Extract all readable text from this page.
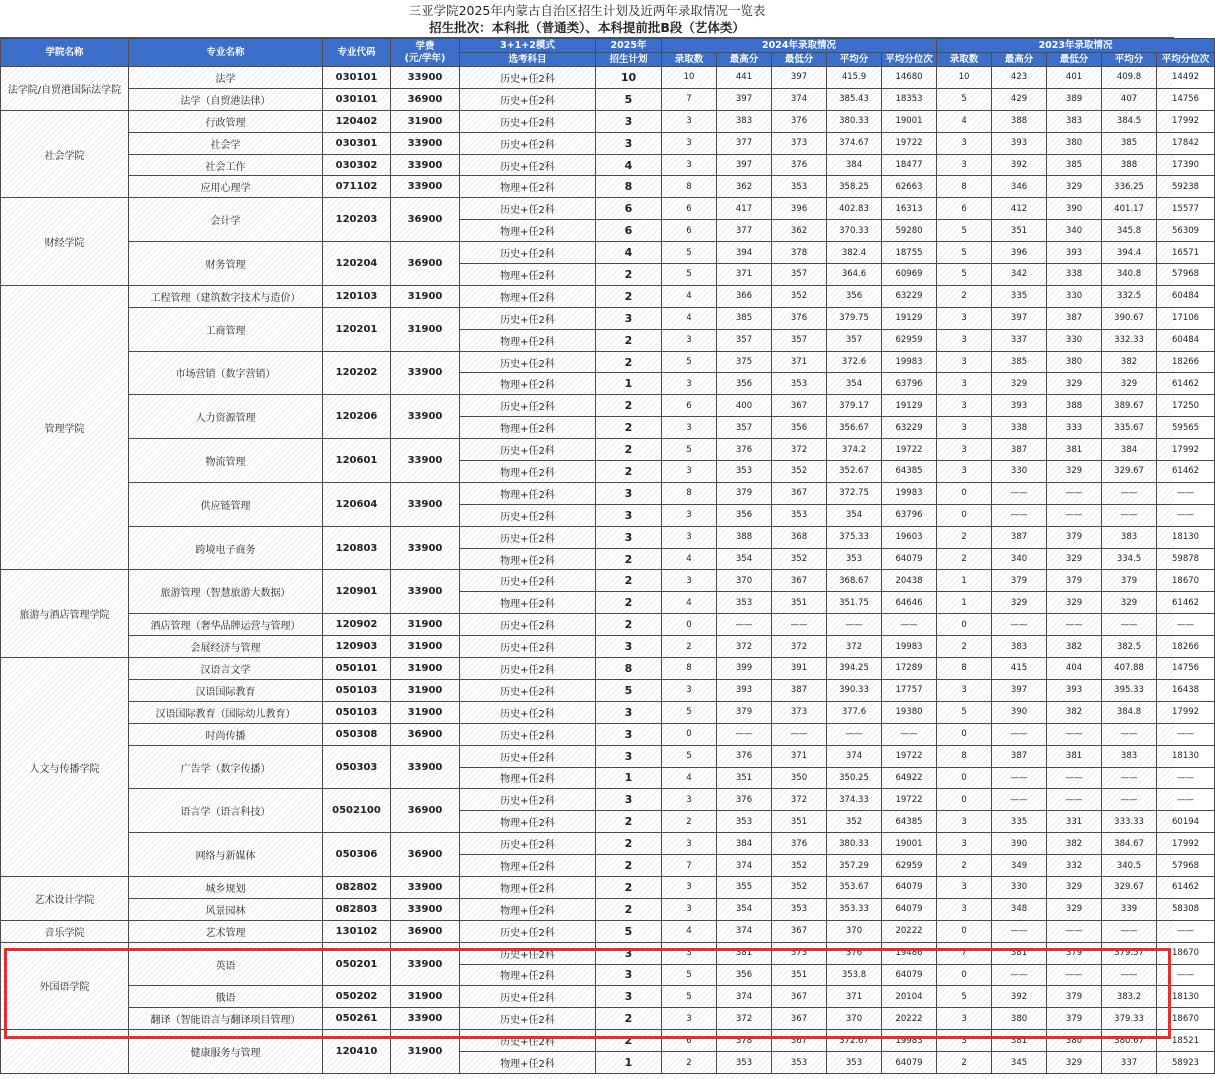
三亚学院2025年内蒙古自治区招生计划及近两年录取情况一览表
招生批次：本科批（普通类）、本科提前批B段（艺体类）
学院名称	专业名称	专业代码	学费
(元/学年)	3+1+2模式	2025年	2024年录取情况					2023年录取情况				
				选考科目	招生计划	录取数	最高分	最低分	平均分	平均分位次	录取数	最高分	最低分	平均分	平均分位次
法学院/自贸港国际法学院	法学	030101	33900	历史+任2科	10	10	441	397	415.9	14680	10	423	401	409.8	14492
	法学（自贸港法律）	030101	36900	历史+任2科	5	7	397	374	385.43	18353	5	429	389	407	14756
社会学院	行政管理	120402	31900	历史+任2科	3	3	383	376	380.33	19001	4	388	383	384.5	17992
	社会学	030301	33900	历史+任2科	3	3	377	373	374.67	19722	3	393	380	385	17842
	社会工作	030302	33900	历史+任2科	4	3	397	376	384	18477	3	392	385	388	17390
	应用心理学	071102	33900	物理+任2科	8	8	362	353	358.25	62663	8	346	329	336.25	59238
财经学院	会计学	120203	36900	历史+任2科	6	6	417	396	402.83	16313	6	412	390	401.17	15577
				物理+任2科	6	6	377	362	370.33	59280	5	351	340	345.8	56309
	财务管理	120204	36900	历史+任2科	4	5	394	378	382.4	18755	5	396	393	394.4	16571
				物理+任2科	2	5	371	357	364.6	60969	5	342	338	340.8	57968
管理学院	工程管理（建筑数字技术与造价）	120103	31900	物理+任2科	2	4	366	352	356	63229	2	335	330	332.5	60484
	工商管理	120201	31900	历史+任2科	3	4	385	376	379.75	19129	3	397	387	390.67	17106
				物理+任2科	2	3	357	357	357	62959	3	337	330	332.33	60484
	市场营销（数字营销）	120202	33900	历史+任2科	2	5	375	371	372.6	19983	3	385	380	382	18266
				物理+任2科	1	3	356	353	354	63796	3	329	329	329	61462
	人力资源管理	120206	33900	历史+任2科	2	6	400	367	379.17	19129	3	393	388	389.67	17250
				物理+任2科	2	3	357	356	356.67	63229	3	338	333	335.67	59565
	物流管理	120601	33900	历史+任2科	2	5	376	372	374.2	19722	3	387	381	384	17992
				物理+任2科	2	3	353	352	352.67	64385	3	330	329	329.67	61462
	供应链管理	120604	33900	物理+任2科	3	8	379	367	372.75	19983	0	——	——	——	——
				历史+任2科	3	3	356	353	354	63796	0	——	——	——	——
	跨境电子商务	120803	33900	历史+任2科	3	3	388	368	375.33	19603	2	387	379	383	18130
				物理+任2科	2	4	354	352	353	64079	2	340	329	334.5	59878
旅游与酒店管理学院	旅游管理（智慧旅游大数据）	120901	33900	历史+任2科	2	3	370	367	368.67	20438	1	379	379	379	18670
				物理+任2科	2	4	353	351	351.75	64646	1	329	329	329	61462
	酒店管理（奢华品牌运营与管理）	120902	31900	历史+任2科	2	0	——	——	——	——	0	——	——	——	——
	会展经济与管理	120903	31900	历史+任2科	3	2	372	372	372	19983	2	383	382	382.5	18266
人文与传播学院	汉语言文学	050101	31900	历史+任2科	8	8	399	391	394.25	17289	8	415	404	407.88	14756
	汉语国际教育	050103	31900	历史+任2科	5	3	393	387	390.33	17757	3	397	393	395.33	16438
	汉语国际教育（国际幼儿教育）	050103	31900	历史+任2科	3	5	379	373	377.6	19380	5	390	382	384.8	17992
	时尚传播	050308	36900	历史+任2科	3	0	——	——	——	——	0	——	——	——	——
	广告学（数字传播）	050303	33900	历史+任2科	3	5	376	371	374	19722	8	387	381	383	18130
				物理+任2科	1	4	351	350	350.25	64922	0	——	——	——	——
	语言学（语言科技）	0502100	36900	历史+任2科	3	3	376	372	374.33	19722	0	——	——	——	——
				物理+任2科	2	2	353	351	352	64385	3	335	331	333.33	60194
	网络与新媒体	050306	36900	历史+任2科	2	3	384	376	380.33	19001	3	390	382	384.67	17992
				物理+任2科	2	7	374	352	357.29	62959	2	349	332	340.5	57968
艺术设计学院	城乡规划	082802	33900	物理+任2科	2	3	355	352	353.67	64079	3	330	329	329.67	61462
	风景园林	082803	33900	物理+任2科	2	3	354	353	353.33	64079	3	348	329	339	58308
音乐学院	艺术管理	130102	36900	历史+任2科	5	4	374	367	370	20222	0	——	——	——	——
外国语学院	英语	050201	33900	历史+任2科	3	3	381	373	376	19486	7	381	379	379.57	18670
				物理+任2科	3	5	356	351	353.8	64079	0	——	——	——	——
	俄语	050202	31900	历史+任2科	3	5	374	367	371	20104	5	392	379	383.2	18130
	翻译（智能语言与翻译项目管理）	050261	33900	历史+任2科	2	3	372	367	370	20222	3	380	379	379.33	18670
	健康服务与管理	120410	31900	历史+任2科	2	6	378	367	372.67	19983	3	381	380	380.67	18521
				物理+任2科	1	2	353	353	353	64079	2	345	329	337	58923
